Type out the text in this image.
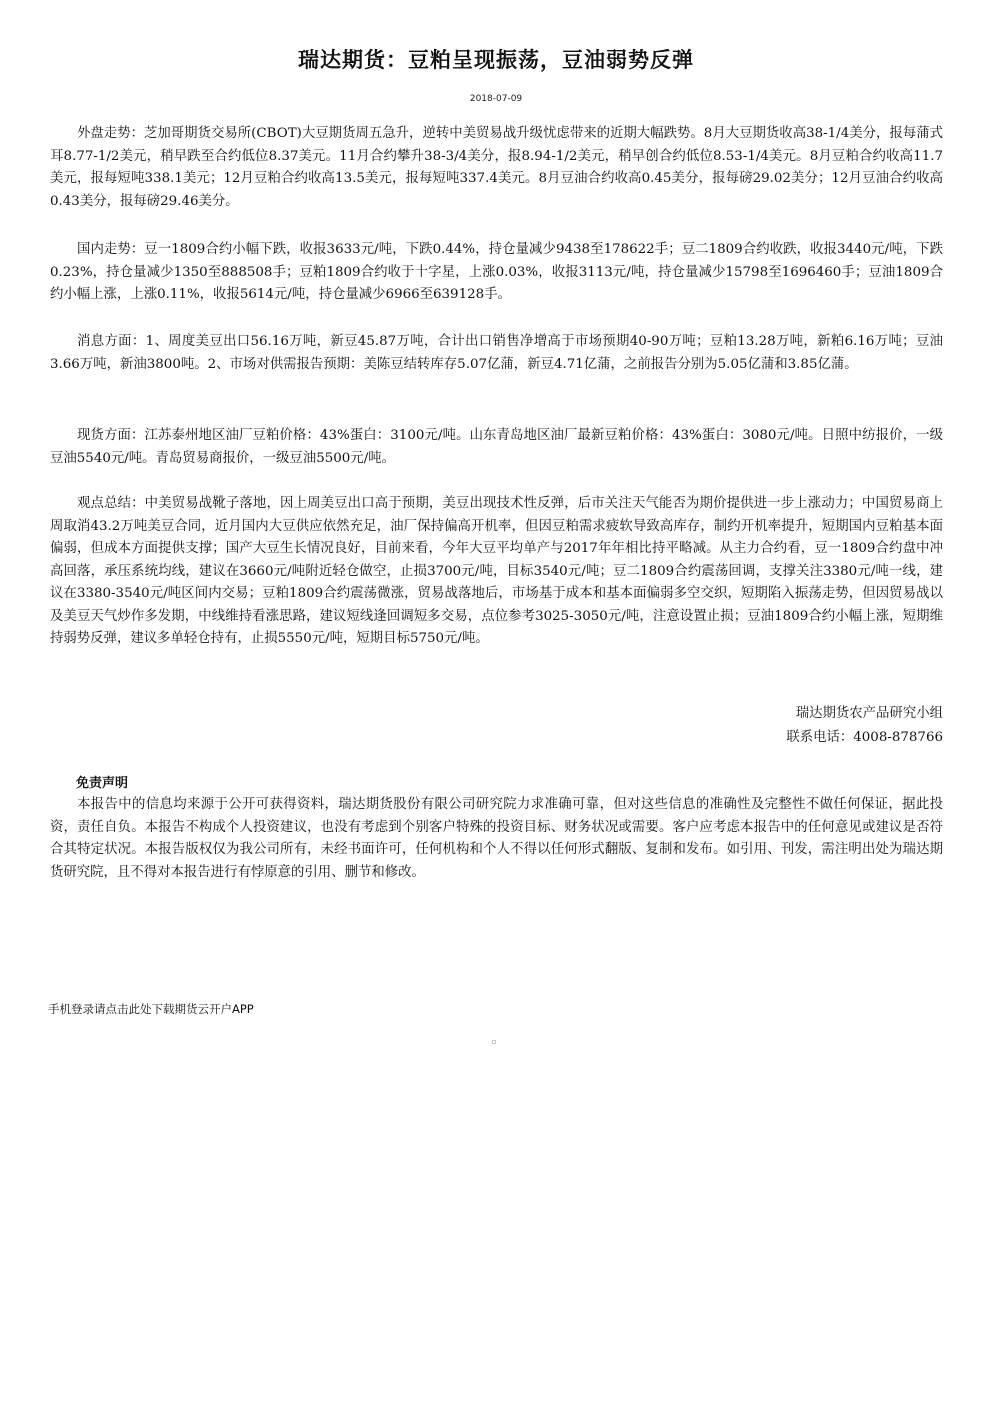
瑞达期货：豆粕呈现振荡，豆油弱势反弹
2018-07-09

外盘走势：芝加哥期货交易所(CBOT)大豆期货周五急升，逆转中美贸易战升级忧虑带来的近期大幅跌势。8月大豆期货收高38-1/4美分，报每蒲式耳8.77-1/2美元，稍早跌至合约低位8.37美元。11月合约攀升38-3/4美分，报8.94-1/2美元，稍早创合约低位8.53-1/4美元。8月豆粕合约收高11.7美元，报每短吨338.1美元；12月豆粕合约收高13.5美元，报每短吨337.4美元。8月豆油合约收高0.45美分，报每磅29.02美分；12月豆油合约收高0.43美分，报每磅29.46美分。

国内走势：豆一1809合约小幅下跌，收报3633元/吨，下跌0.44%，持仓量减少9438至178622手；豆二1809合约收跌，收报3440元/吨，下跌0.23%，持仓量减少1350至888508手；豆粕1809合约收于十字星，上涨0.03%，收报3113元/吨，持仓量减少15798至1696460手；豆油1809合约小幅上涨，上涨0.11%，收报5614元/吨，持仓量减少6966至639128手。

消息方面：1、周度美豆出口56.16万吨，新豆45.87万吨，合计出口销售净增高于市场预期40-90万吨；豆粕13.28万吨，新粕6.16万吨；豆油3.66万吨，新油3800吨。2、市场对供需报告预期：美陈豆结转库存5.07亿蒲，新豆4.71亿蒲，之前报告分别为5.05亿蒲和3.85亿蒲。

现货方面：江苏泰州地区油厂豆粕价格：43%蛋白：3100元/吨。山东青岛地区油厂最新豆粕价格：43%蛋白：3080元/吨。日照中纺报价，一级豆油5540元/吨。青岛贸易商报价，一级豆油5500元/吨。

观点总结：中美贸易战靴子落地，因上周美豆出口高于预期，美豆出现技术性反弹，后市关注天气能否为期价提供进一步上涨动力；中国贸易商上周取消43.2万吨美豆合同，近月国内大豆供应依然充足，油厂保持偏高开机率，但因豆粕需求疲软导致高库存，制约开机率提升，短期国内豆粕基本面偏弱，但成本方面提供支撑；国产大豆生长情况良好，目前来看，今年大豆平均单产与2017年年相比持平略减。从主力合约看，豆一1809合约盘中冲高回落，承压系统均线，建议在3660元/吨附近轻仓做空，止损3700元/吨，目标3540元/吨；豆二1809合约震荡回调，支撑关注3380元/吨一线，建议在3380-3540元/吨区间内交易；豆粕1809合约震荡微涨，贸易战落地后，市场基于成本和基本面偏弱多空交织，短期陷入振荡走势，但因贸易战以及美豆天气炒作多发期，中线维持看涨思路，建议短线逢回调短多交易，点位参考3025-3050元/吨，注意设置止损；豆油1809合约小幅上涨，短期维持弱势反弹，建议多单轻仓持有，止损5550元/吨，短期目标5750元/吨。

瑞达期货农产品研究小组
联系电话：4008-878766
免责声明

本报告中的信息均来源于公开可获得资料，瑞达期货股份有限公司研究院力求准确可靠，但对这些信息的准确性及完整性不做任何保证，据此投资，责任自负。本报告不构成个人投资建议，也没有考虑到个别客户特殊的投资目标、财务状况或需要。客户应考虑本报告中的任何意见或建议是否符合其特定状况。本报告版权仅为我公司所有，未经书面许可，任何机构和个人不得以任何形式翻版、复制和发布。如引用、刊发，需注明出处为瑞达期货研究院，且不得对本报告进行有悖原意的引用、删节和修改。

手机登录请点击此处下载期货云开户APP
